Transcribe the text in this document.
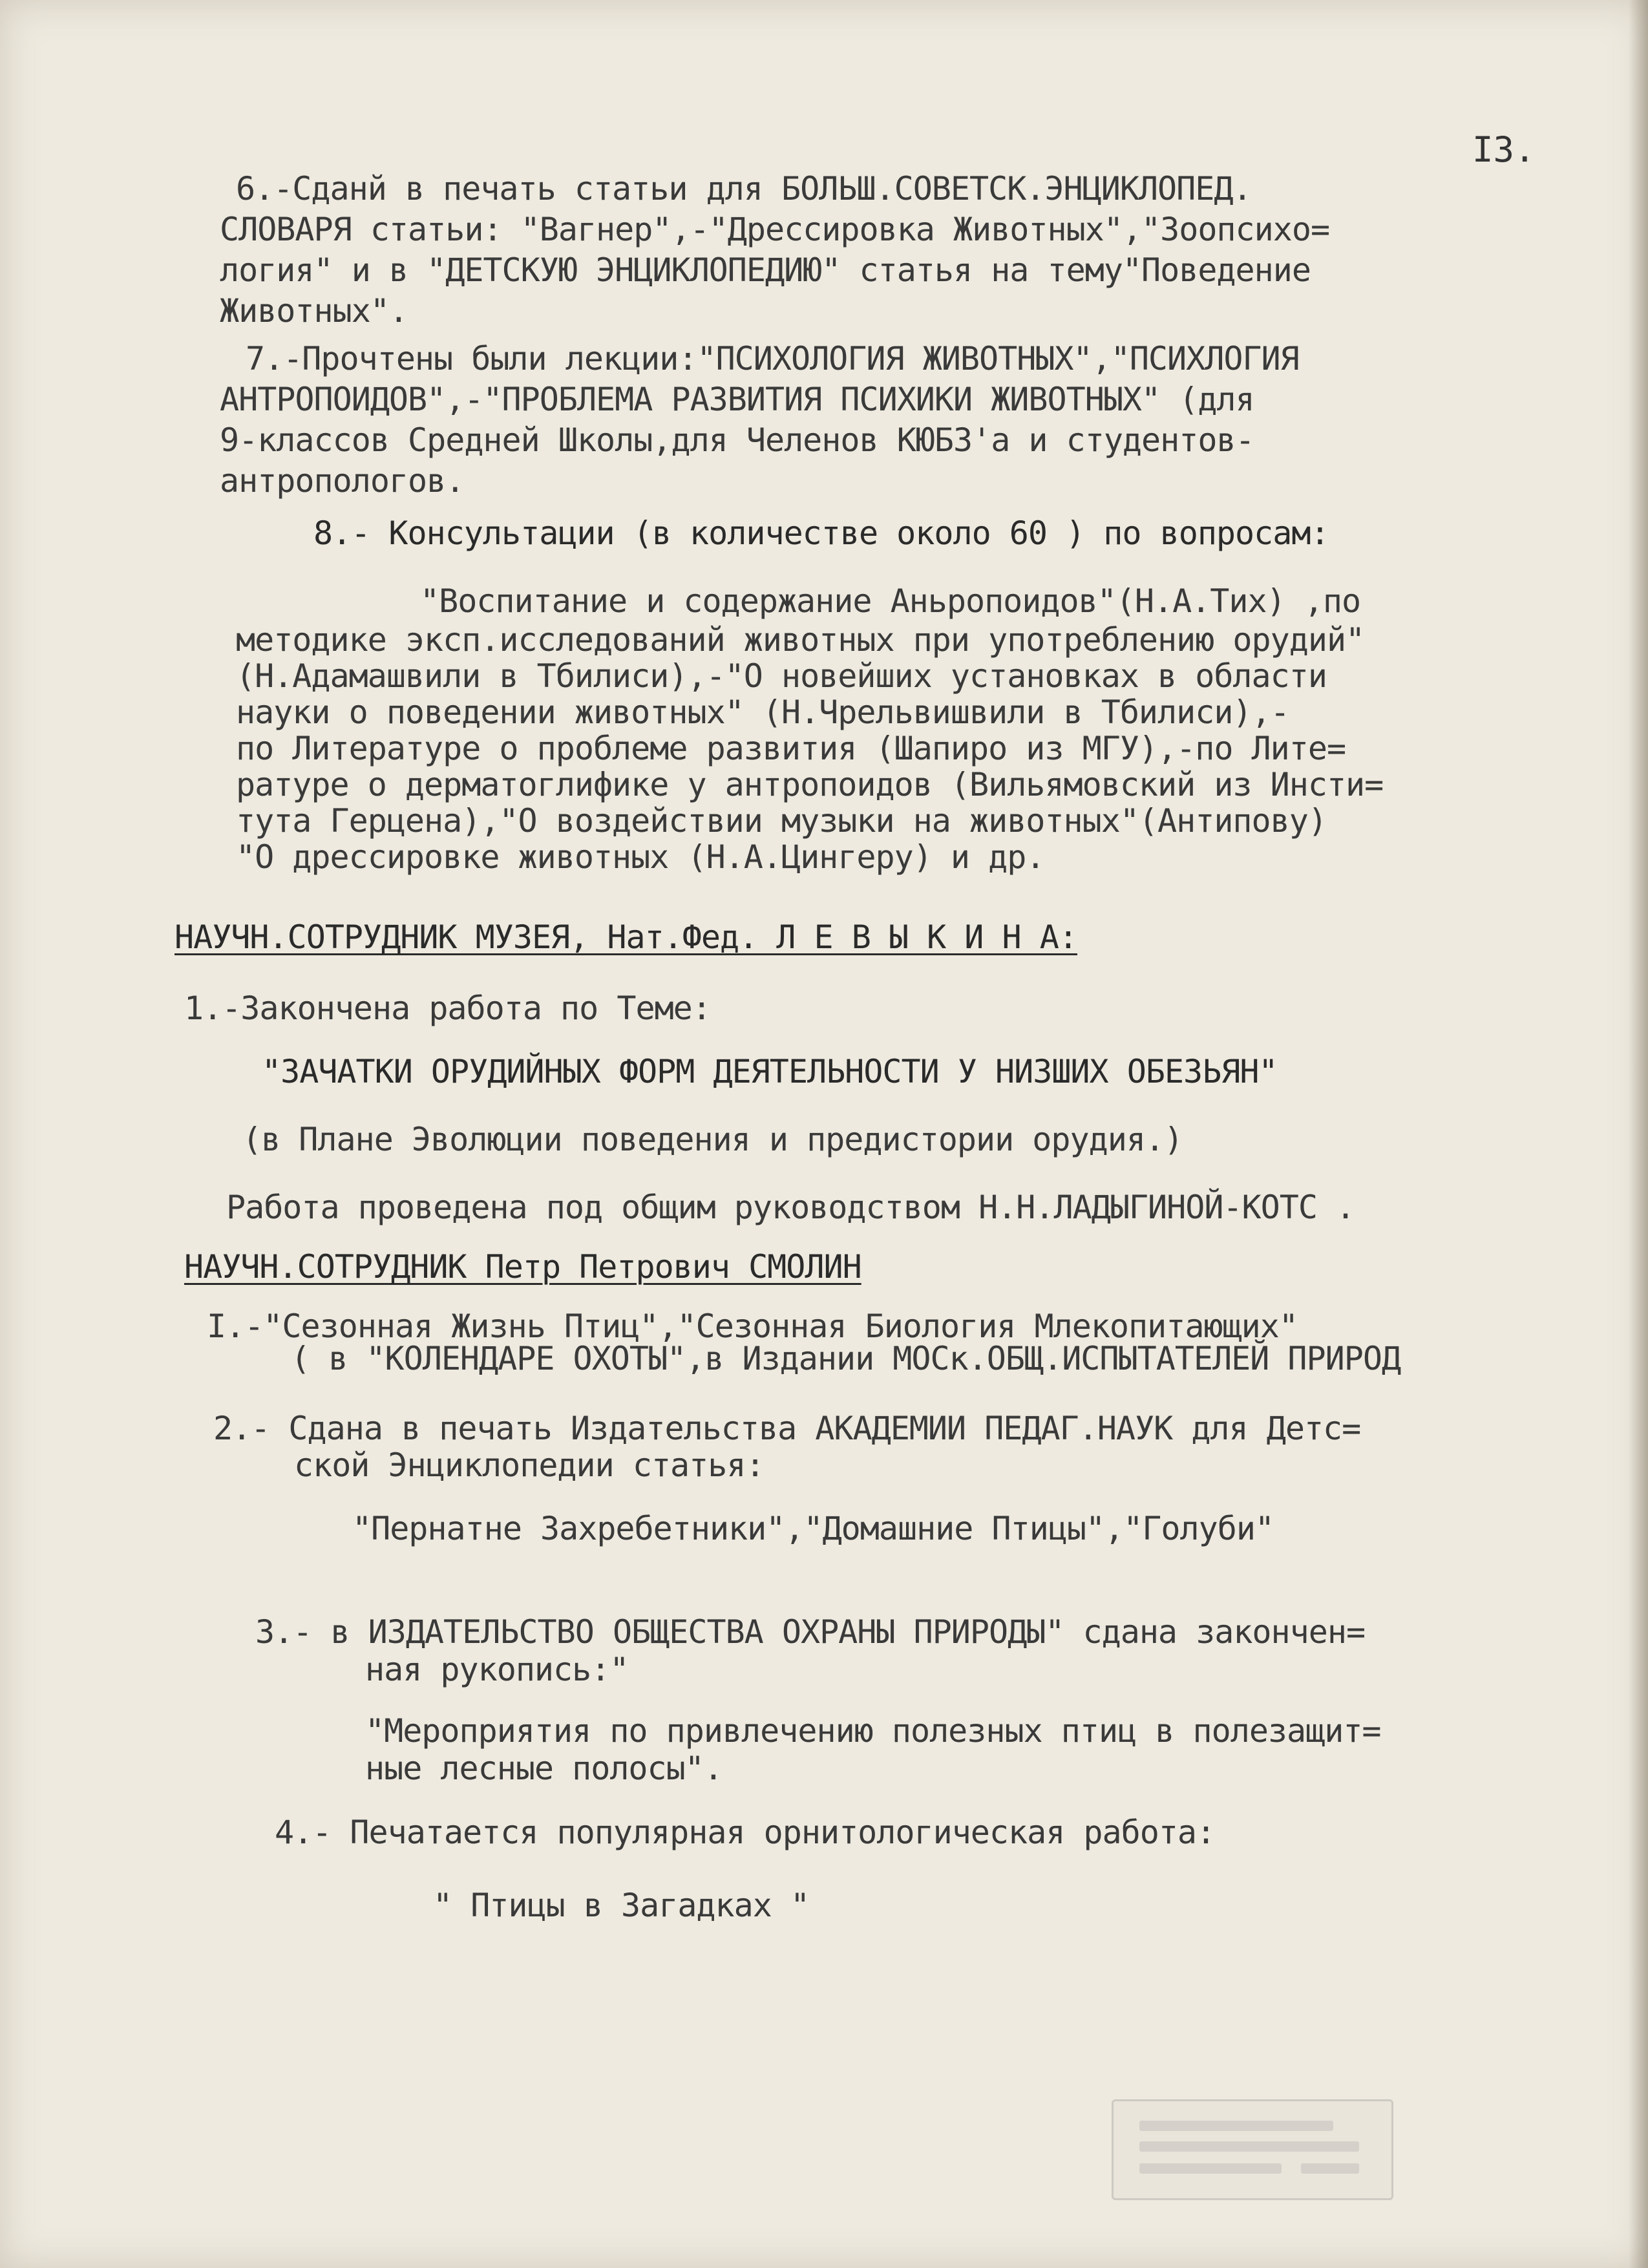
I3.
6.-Сданй в печать статьи для БОЛЬШ.СОВЕТСК.ЭНЦИКЛОПЕД.
СЛОВАРЯ статьи: "Вагнер",-"Дрессировка Животных","Зоопсихо=
логия" и в "ДЕТСКУЮ ЭНЦИКЛОПЕДИЮ" статья на тему"Поведение
Животных".
7.-Прочтены были лекции:"ПСИХОЛОГИЯ ЖИВОТНЫХ","ПСИХЛОГИЯ
АНТРОПОИДОВ",-"ПРОБЛЕМА РАЗВИТИЯ ПСИХИКИ ЖИВОТНЫХ" (для
9-классов Средней Школы,для Челенов КЮБЗ'а и студентов-
антропологов.
8.- Консультации (в количестве около 60 ) по вопросам:
"Воспитание и содержание Аньропоидов"(Н.А.Тих) ,по
методике эксп.исследований животных при употреблению орудий"
(Н.Адамашвили в Тбилиси),-"О новейших установках в области
науки о поведении животных" (Н.Чрельвишвили в Тбилиси),-
по Литературе о проблеме развития (Шапиро из МГУ),-по Лите=
ратуре о дерматоглифике у антропоидов (Вильямовский из Инсти=
тута Герцена),"О воздействии музыки на животных"(Антипову)
"О дрессировке животных (Н.А.Цингеру) и др.
НАУЧН.СОТРУДНИК МУЗЕЯ, Нат.Фед. Л Е В Ы К И Н А:
1.-Закончена работа по Теме:
"ЗАЧАТКИ ОРУДИЙНЫХ ФОРМ ДЕЯТЕЛЬНОСТИ У НИЗШИХ ОБЕЗЬЯН"
(в Плане Эволюции поведения и предистории орудия.)
Работа проведена под общим руководством Н.Н.ЛАДЫГИНОЙ-КОТС .
НАУЧН.СОТРУДНИК Петр Петрович СМОЛИН
I.-"Сезонная Жизнь Птиц","Сезонная Биология Млекопитающих"
( в "КОЛЕНДАРЕ ОХОТЫ",в Издании МОСк.ОБЩ.ИСПЫТАТЕЛЕЙ ПРИРОД
2.- Сдана в печать Издательства АКАДЕМИИ ПЕДАГ.НАУК для Детс=
ской Энциклопедии статья:
"Пернатне Захребетники","Домашние Птицы","Голуби"
3.- в ИЗДАТЕЛЬСТВО ОБЩЕСТВА ОХРАНЫ ПРИРОДЫ" сдана закончен=
ная рукопись:"
"Мероприятия по привлечению полезных птиц в полезащит=
ные лесные полосы".
4.- Печатается популярная орнитологическая работа:
" Птицы в Загадках "
